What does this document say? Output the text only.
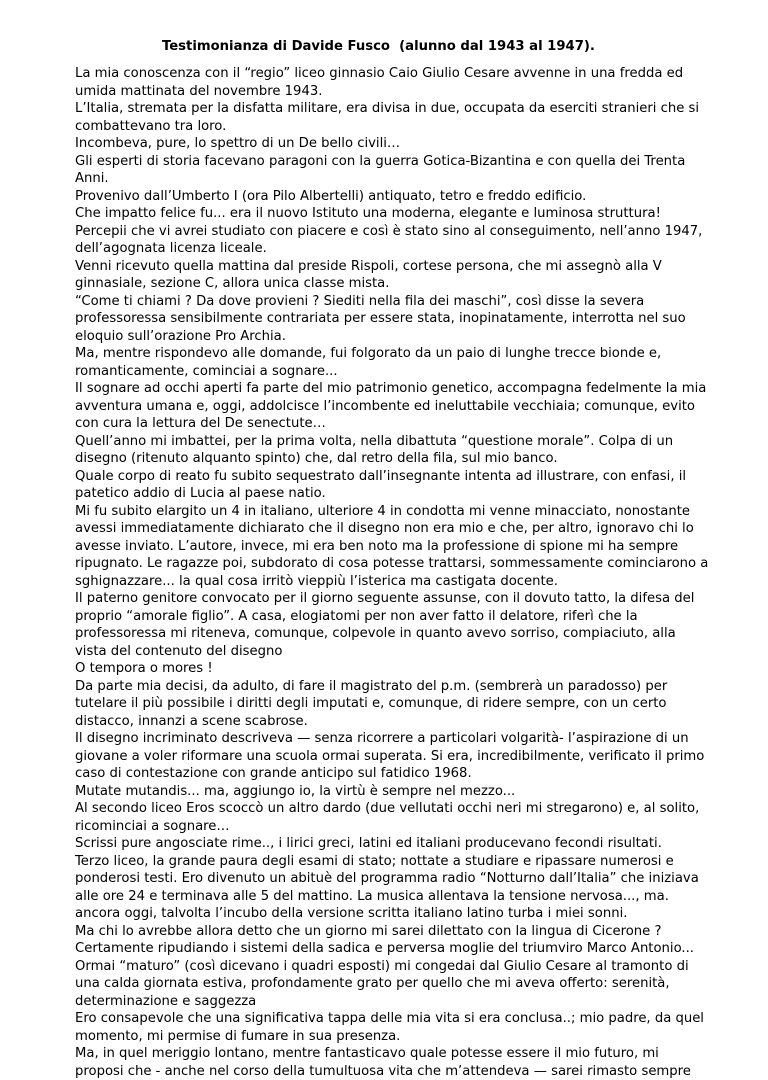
Testimonianza di Davide Fusco  (alunno dal 1943 al 1947).
La mia conoscenza con il “regio” liceo ginnasio Caio Giulio Cesare avvenne in una fredda ed
umida mattinata del novembre 1943.
L’Italia, stremata per la disfatta militare, era divisa in due, occupata da eserciti stranieri che si
combattevano tra loro.
Incombeva, pure, lo spettro di un De bello civili…
Gli esperti di storia facevano paragoni con la guerra Gotica-Bizantina e con quella dei Trenta
Anni.
Provenivo dall’Umberto I (ora Pilo Albertelli) antiquato, tetro e freddo edificio.
Che impatto felice fu... era il nuovo Istituto una moderna, elegante e luminosa struttura!
Percepii che vi avrei studiato con piacere e così è stato sino al conseguimento, nell’anno 1947,
dell’agognata licenza liceale.
Venni ricevuto quella mattina dal preside Rispoli, cortese persona, che mi assegnò alla V
ginnasiale, sezione C, allora unica classe mista.
“Come ti chiami ? Da dove provieni ? Siediti nella fila dei maschi”, così disse la severa
professoressa sensibilmente contrariata per essere stata, inopinatamente, interrotta nel suo
eloquio sull’orazione Pro Archia.
Ma, mentre rispondevo alle domande, fui folgorato da un paio di lunghe trecce bionde e,
romanticamente, cominciai a sognare...
Il sognare ad occhi aperti fa parte del mio patrimonio genetico, accompagna fedelmente la mia
avventura umana e, oggi, addolcisce l’incombente ed ineluttabile vecchiaia; comunque, evito
con cura la lettura del De senectute…
Quell’anno mi imbattei, per la prima volta, nella dibattuta “questione morale”. Colpa di un
disegno (ritenuto alquanto spinto) che, dal retro della fila, sul mio banco.
Quale corpo di reato fu subito sequestrato dall’insegnante intenta ad illustrare, con enfasi, il
patetico addio di Lucia al paese natio.
Mi fu subito elargito un 4 in italiano, ulteriore 4 in condotta mi venne minacciato, nonostante
avessi immediatamente dichiarato che il disegno non era mio e che, per altro, ignoravo chi lo
avesse inviato. L’autore, invece, mi era ben noto ma la professione di spione mi ha sempre
ripugnato. Le ragazze poi, subdorato di cosa potesse trattarsi, sommessamente cominciarono a
sghignazzare... la qual cosa irritò vieppiù l’isterica ma castigata docente.
Il paterno genitore convocato per il giorno seguente assunse, con il dovuto tatto, la difesa del
proprio “amorale figlio”. A casa, elogiatomi per non aver fatto il delatore, riferì che la
professoressa mi riteneva, comunque, colpevole in quanto avevo sorriso, compiaciuto, alla
vista del contenuto del disegno
O tempora o mores !
Da parte mia decisi, da adulto, di fare il magistrato del p.m. (sembrerà un paradosso) per
tutelare il più possibile i diritti degli imputati e, comunque, di ridere sempre, con un certo
distacco, innanzi a scene scabrose.
Il disegno incriminato descriveva — senza ricorrere a particolari volgarità- l’aspirazione di un
giovane a voler riformare una scuola ormai superata. Si era, incredibilmente, verificato il primo
caso di contestazione con grande anticipo sul fatidico 1968.
Mutate mutandis... ma, aggiungo io, la virtù è sempre nel mezzo...
Al secondo liceo Eros scoccò un altro dardo (due vellutati occhi neri mi stregarono) e, al solito,
ricominciai a sognare…
Scrissi pure angosciate rime.., i lirici greci, latini ed italiani producevano fecondi risultati.
Terzo liceo, la grande paura degli esami di stato; nottate a studiare e ripassare numerosi e
ponderosi testi. Ero divenuto un abituè del programma radio “Notturno dall’Italia” che iniziava
alle ore 24 e terminava alle 5 del mattino. La musica allentava la tensione nervosa..., ma.
ancora oggi, talvolta l’incubo della versione scritta italiano latino turba i miei sonni.
Ma chi lo avrebbe allora detto che un giorno mi sarei dilettato con la lingua di Cicerone ?
Certamente ripudiando i sistemi della sadica e perversa moglie del triumviro Marco Antonio...
Ormai “maturo” (così dicevano i quadri esposti) mi congedai dal Giulio Cesare al tramonto di
una calda giornata estiva, profondamente grato per quello che mi aveva offerto: serenità,
determinazione e saggezza
Ero consapevole che una significativa tappa delle mia vita si era conclusa..; mio padre, da quel
momento, mi permise di fumare in sua presenza.
Ma, in quel meriggio lontano, mentre fantasticavo quale potesse essere il mio futuro, mi
proposi che - anche nel corso della tumultuosa vita che m’attendeva — sarei rimasto sempre
